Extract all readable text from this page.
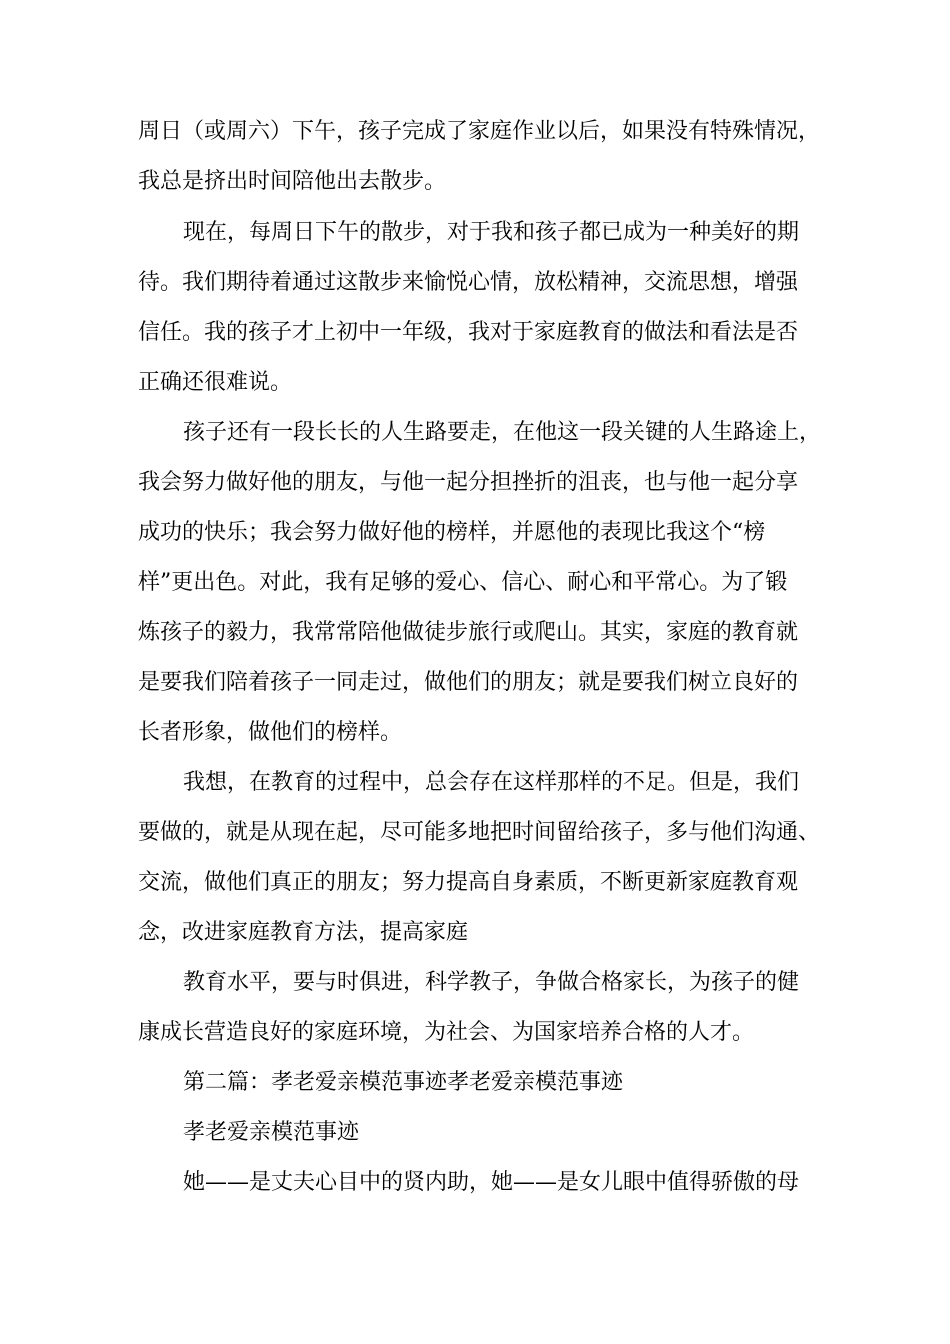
周日（或周六）下午，孩子完成了家庭作业以后，如果没有特殊情况，
我总是挤出时间陪他出去散步。
现在，每周日下午的散步，对于我和孩子都已成为一种美好的期
待。我们期待着通过这散步来愉悦心情，放松精神，交流思想，增强
信任。我的孩子才上初中一年级，我对于家庭教育的做法和看法是否
正确还很难说。
孩子还有一段长长的人生路要走，在他这一段关键的人生路途上，
我会努力做好他的朋友，与他一起分担挫折的沮丧，也与他一起分享
成功的快乐；我会努力做好他的榜样，并愿他的表现比我这个“榜
样”更出色。对此，我有足够的爱心、信心、耐心和平常心。为了锻
炼孩子的毅力，我常常陪他做徒步旅行或爬山。其实，家庭的教育就
是要我们陪着孩子一同走过，做他们的朋友；就是要我们树立良好的
长者形象，做他们的榜样。
我想，在教育的过程中，总会存在这样那样的不足。但是，我们
要做的，就是从现在起，尽可能多地把时间留给孩子，多与他们沟通、
交流，做他们真正的朋友；努力提高自身素质，不断更新家庭教育观
念，改进家庭教育方法，提高家庭
教育水平，要与时俱进，科学教子，争做合格家长，为孩子的健
康成长营造良好的家庭环境，为社会、为国家培养合格的人才。
第二篇：孝老爱亲模范事迹孝老爱亲模范事迹
孝老爱亲模范事迹
她——是丈夫心目中的贤内助，她——是女儿眼中值得骄傲的母
